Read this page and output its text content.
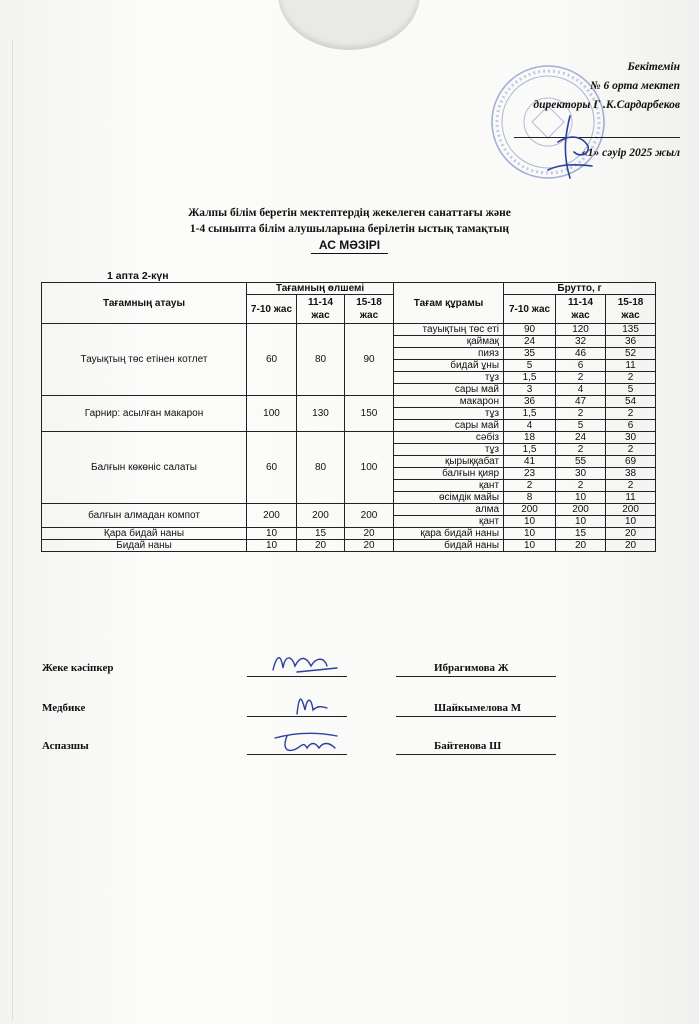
Бекітемін
№ 6 орта мектеп
директоры Г .К.Сардарбеков
«1» сәуір 2025 жыл
Жалпы білім беретін мектептердің жекелеген санаттағы және
1-4 сыныпта білім алушыларына берілетін ыстық тамақтың
АС МӘЗІРІ
1 апта 2-күн
Тағамның атауы	Тағамның өлшемі			Тағам құрамы	Брутто, г		
	7-10 жас	11-14 жас	15-18 жас		7-10 жас	11-14 жас	15-18 жас
Тауықтың төс етінен котлет	60	80	90	тауықтың төс еті	90	120	135
				қаймақ	24	32	36
				пияз	35	46	52
				бидай ұны	5	6	11
				тұз	1,5	2	2
				сары май	3	4	5
Гарнир: асылған макарон	100	130	150	макарон	36	47	54
				тұз	1,5	2	2
				сары май	4	5	6
Балғын көкөніс салаты	60	80	100	сәбіз	18	24	30
				тұз	1,5	2	2
				қырыққабат	41	55	69
				балғын қияр	23	30	38
				қант	2	2	2
				өсімдік майы	8	10	11
балғын алмадан компот	200	200	200	алма	200	200	200
				қант	10	10	10
Қара бидай наны	10	15	20	қара бидай наны	10	15	20
Бидай наны	10	20	20	бидай наны	10	20	20
Жеке кәсіпкер	Ибрагимова Ж
Медбике	Шайкымелова М
Аспазшы	Байтенова Ш
